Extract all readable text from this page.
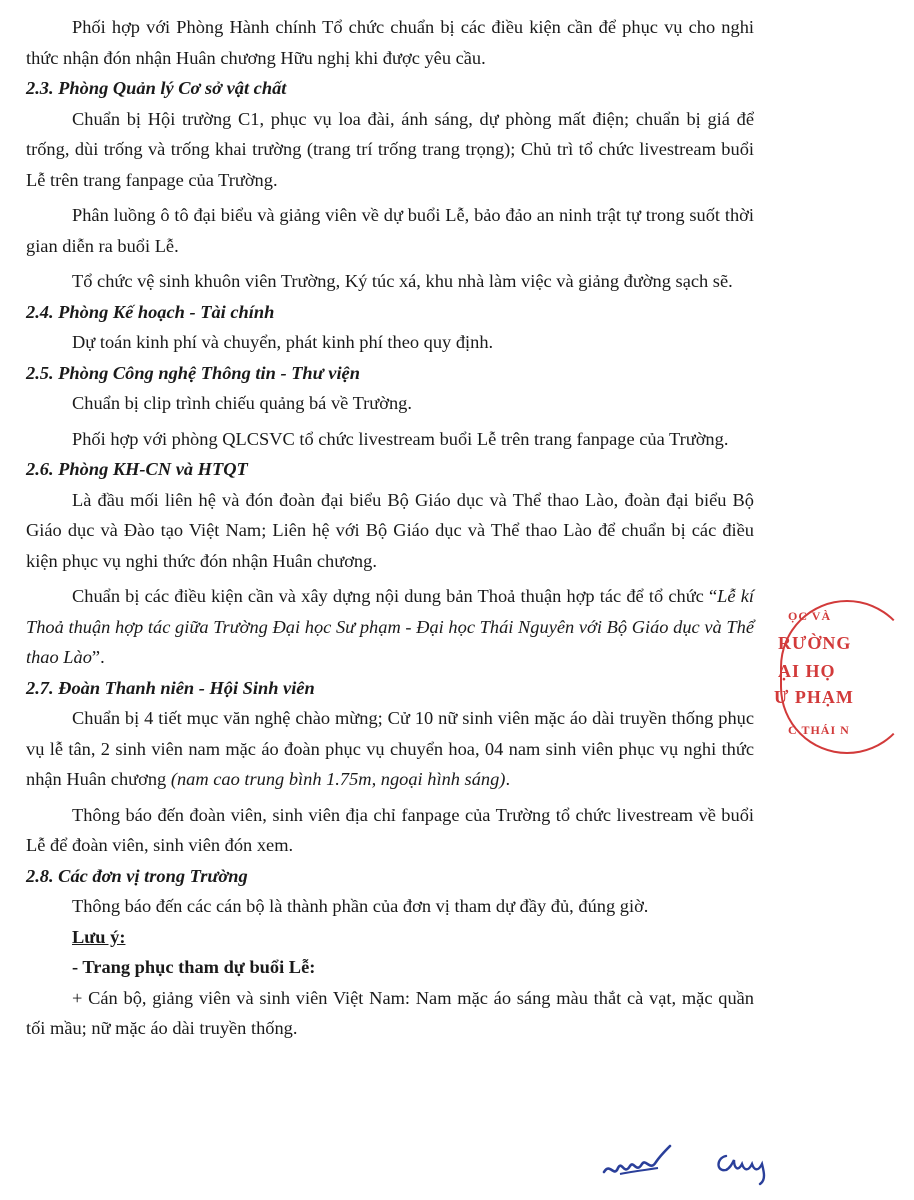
Phối hợp với Phòng Hành chính Tổ chức chuẩn bị các điều kiện cần để phục vụ cho nghi thức nhận đón nhận Huân chương Hữu nghị khi được yêu cầu.

2.3. Phòng Quản lý Cơ sở vật chất

Chuẩn bị Hội trường C1, phục vụ loa đài, ánh sáng, dự phòng mất điện; chuẩn bị giá để trống, dùi trống và trống khai trường (trang trí trống trang trọng); Chủ trì tổ chức livestream buổi Lễ trên trang fanpage của Trường.

Phân luồng ô tô đại biểu và giảng viên về dự buổi Lễ, bảo đảo an ninh trật tự trong suốt thời gian diễn ra buổi Lễ.

Tổ chức vệ sinh khuôn viên Trường, Ký túc xá, khu nhà làm việc và giảng đường sạch sẽ.

2.4. Phòng Kế hoạch - Tài chính

Dự toán kinh phí và chuyển, phát kinh phí theo quy định.

2.5. Phòng Công nghệ Thông tin - Thư viện

Chuẩn bị clip trình chiếu quảng bá về Trường.

Phối hợp với phòng QLCSVC tổ chức livestream buổi Lễ trên trang fanpage của Trường.

2.6. Phòng KH-CN và HTQT

Là đầu mối liên hệ và đón đoàn đại biểu Bộ Giáo dục và Thể thao Lào, đoàn đại biểu Bộ Giáo dục và Đào tạo Việt Nam; Liên hệ với Bộ Giáo dục và Thể thao Lào để chuẩn bị các điều kiện phục vụ nghi thức đón nhận Huân chương.

Chuẩn bị các điều kiện cần và xây dựng nội dung bản Thoả thuận hợp tác để tổ chức “Lễ kí Thoả thuận hợp tác giữa Trường Đại học Sư phạm - Đại học Thái Nguyên với Bộ Giáo dục và Thể thao Lào”.

2.7. Đoàn Thanh niên - Hội Sinh viên

Chuẩn bị 4 tiết mục văn nghệ chào mừng; Cử 10 nữ sinh viên mặc áo dài truyền thống phục vụ lễ tân, 2 sinh viên nam mặc áo đoàn phục vụ chuyển hoa, 04 nam sinh viên phục vụ nghi thức nhận Huân chương (nam cao trung bình 1.75m, ngoại hình sáng).

Thông báo đến đoàn viên, sinh viên địa chỉ fanpage của Trường tổ chức livestream về buổi Lễ để đoàn viên, sinh viên đón xem.

2.8. Các đơn vị trong Trường

Thông báo đến các cán bộ là thành phần của đơn vị tham dự đầy đủ, đúng giờ.

Lưu ý:

- Trang phục tham dự buổi Lễ:

+ Cán bộ, giảng viên và sinh viên Việt Nam: Nam mặc áo sáng màu thắt cà vạt, mặc quần tối mầu; nữ mặc áo dài truyền thống.

ỌC VÀ
RƯỜNG
ẠI HỌ
Ư PHẠM
C THÁI N
